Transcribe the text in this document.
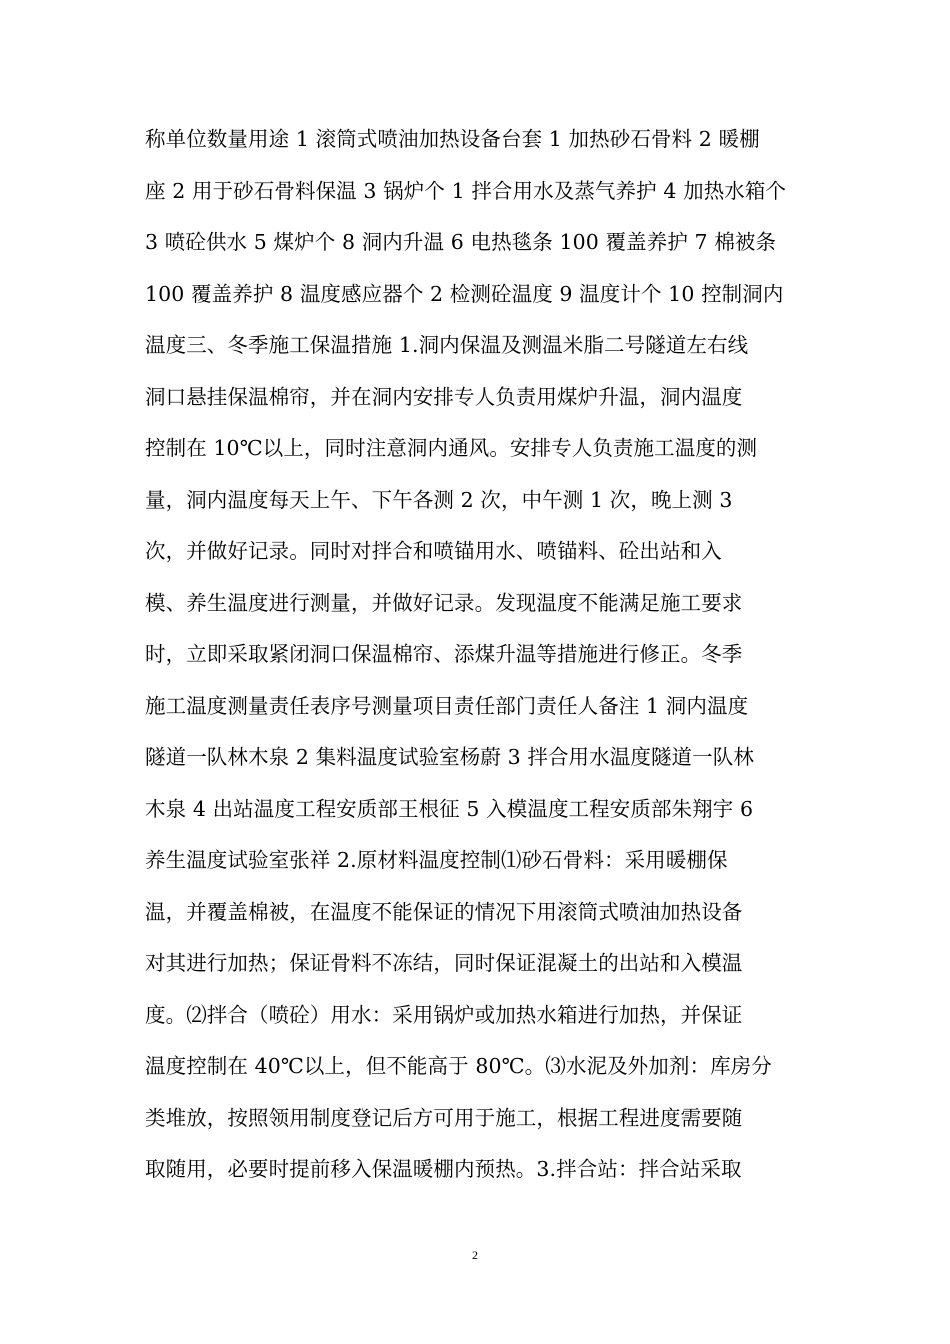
称单位数量用途 1 滚筒式喷油加热设备台套 1 加热砂石骨料 2 暖棚
座 2 用于砂石骨料保温 3 锅炉个 1 拌合用水及蒸气养护 4 加热水箱个
3 喷砼供水 5 煤炉个 8 洞内升温 6 电热毯条 100 覆盖养护 7 棉被条
100 覆盖养护 8 温度感应器个 2 检测砼温度 9 温度计个 10 控制洞内
温度三、冬季施工保温措施 1.洞内保温及测温米脂二号隧道左右线
洞口悬挂保温棉帘，并在洞内安排专人负责用煤炉升温，洞内温度
控制在 10℃以上，同时注意洞内通风。安排专人负责施工温度的测
量，洞内温度每天上午、下午各测 2 次，中午测 1 次，晚上测 3
次，并做好记录。同时对拌合和喷锚用水、喷锚料、砼出站和入
模、养生温度进行测量，并做好记录。发现温度不能满足施工要求
时，立即采取紧闭洞口保温棉帘、添煤升温等措施进行修正。冬季
施工温度测量责任表序号测量项目责任部门责任人备注 1 洞内温度
隧道一队林木泉 2 集料温度试验室杨蔚 3 拌合用水温度隧道一队林
木泉 4 出站温度工程安质部王根征 5 入模温度工程安质部朱翔宇 6
养生温度试验室张祥 2.原材料温度控制⑴砂石骨料：采用暖棚保
温，并覆盖棉被，在温度不能保证的情况下用滚筒式喷油加热设备
对其进行加热；保证骨料不冻结，同时保证混凝土的出站和入模温
度。⑵拌合（喷砼）用水：采用锅炉或加热水箱进行加热，并保证
温度控制在 40℃以上，但不能高于 80℃。⑶水泥及外加剂：库房分
类堆放，按照领用制度登记后方可用于施工，根据工程进度需要随
取随用，必要时提前移入保温暖棚内预热。3.拌合站：拌合站采取
2
